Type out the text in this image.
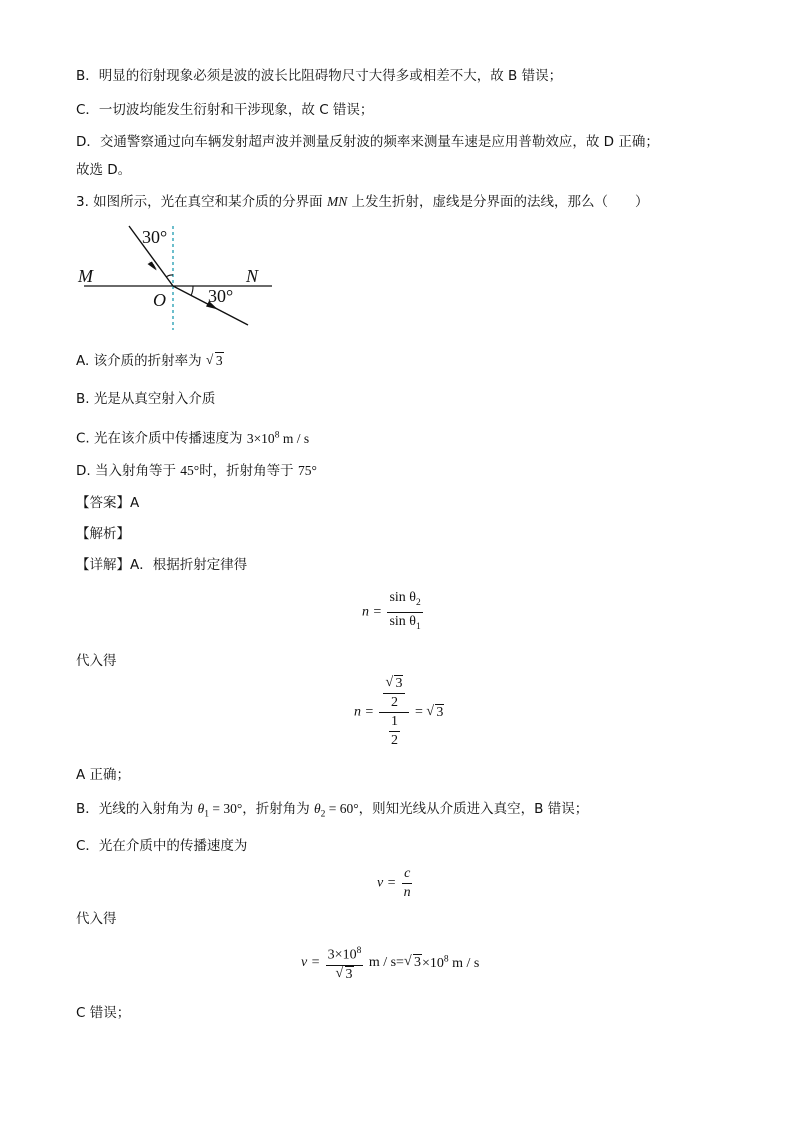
B．明显的衍射现象必须是波的波长比阻碍物尺寸大得多或相差不大，故 B 错误；
C．一切波均能发生衍射和干涉现象，故 C 错误；
D．交通警察通过向车辆发射超声波并测量反射波的频率来测量车速是应用普勒效应，故 D 正确；
故选 D。
3. 如图所示，光在真空和某介质的分界面 MN 上发生折射，虚线是分界面的法线，那么（　　）
30°
M	N
O 30°
A. 该介质的折射率为 √ 3
B. 光是从真空射入介质
C. 光在该介质中传播速度为 $3\times 10^8$ m / s
D. 当入射角等于 45°时，折射角等于 75°
【答案】A
【解析】
【详解】A．根据折射定律得
$n = \frac{\sin \theta_2}{\sin \theta_1}$
代入得
n = √ $\frac{\frac{3}{2}}{\frac{1}{2}}$ = √ 3
A 正确；
B．光线的入射角为 $\theta_1 = 30^\circ$，折射角为 $\theta_2 = 60^\circ$，则知光线从介质进入真空，B 错误；
C．光在介质中的传播速度为
$v = \frac{c}{n}$
代入得
$v = 3\times 10^8$
√ 3 m / s= √ $3\times 10^8$ m / s
C 错误；
